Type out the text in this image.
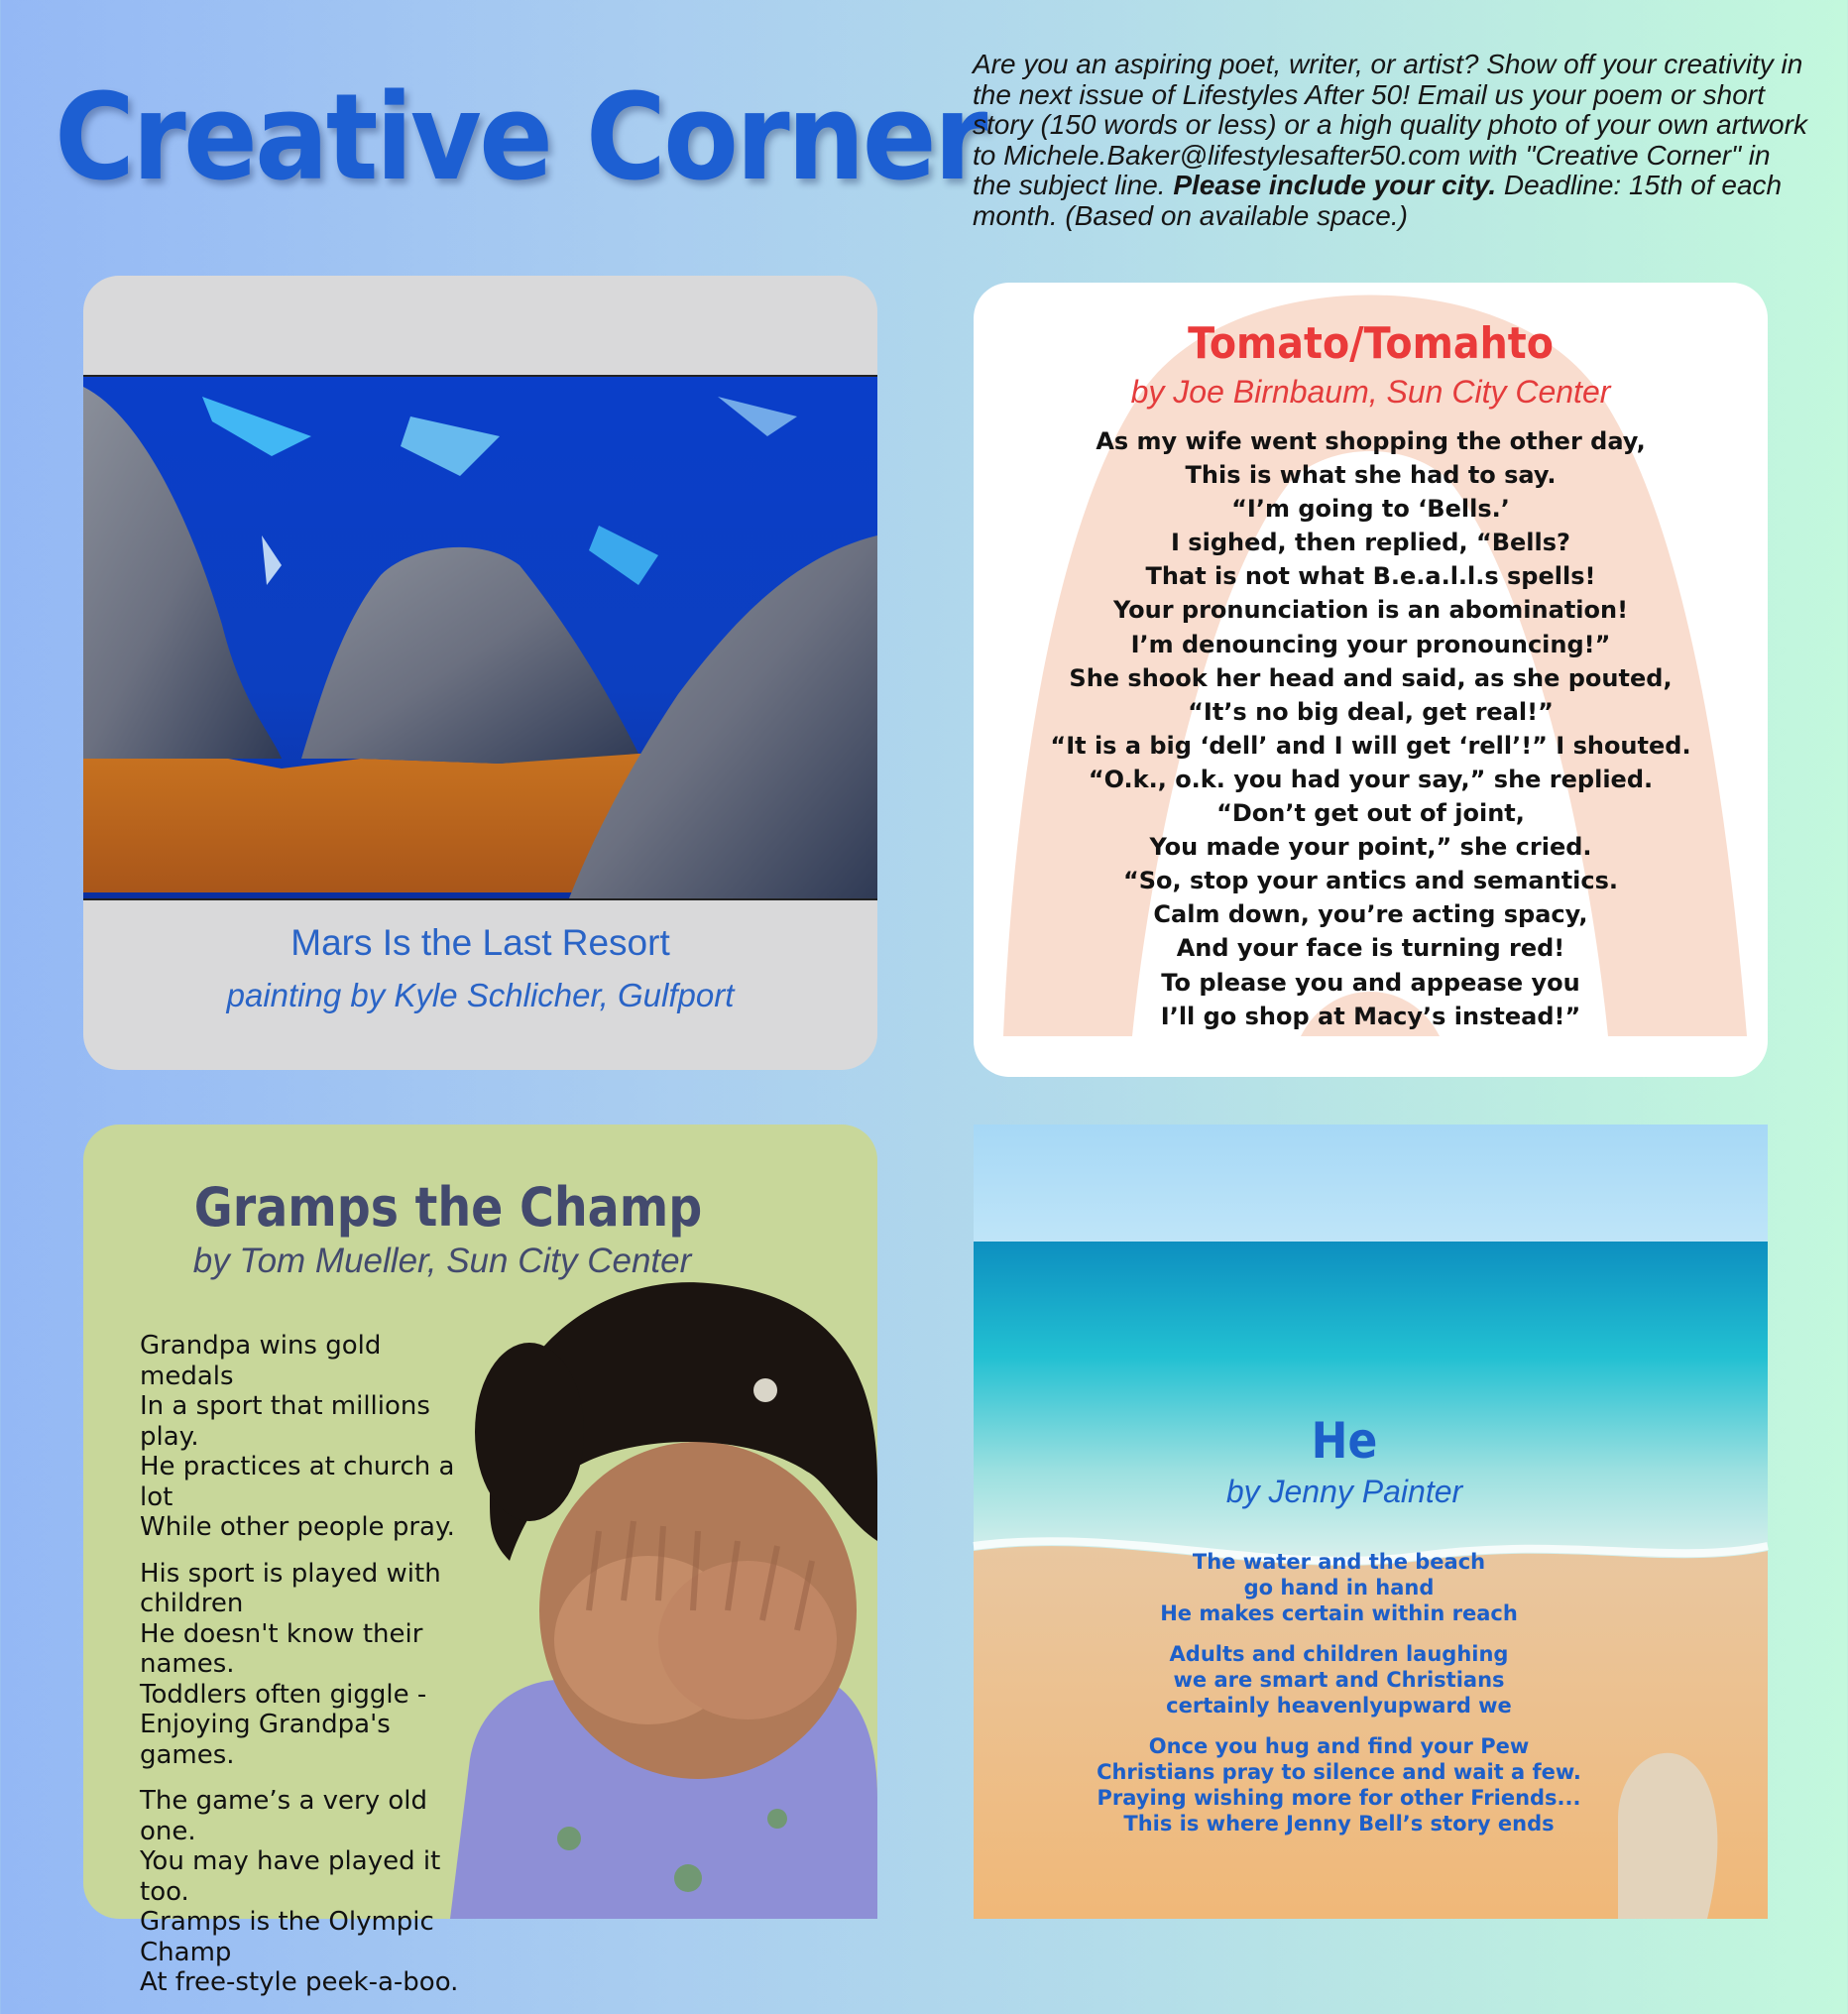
Creative Corner
Are you an aspiring poet, writer, or artist? Show off your creativity in the next issue of Lifestyles After 50! Email us your poem or short story (150 words or less) or a high quality photo of your own artwork to Michele.Baker@lifestylesafter50.com with "Creative Corner" in the subject line. Please include your city. Deadline: 15th of each month. (Based on available space.)
Mars Is the Last Resort
painting by Kyle Schlicher, Gulfport
Tomato/Tomahto
by Joe Birnbaum, Sun City Center
As my wife went shopping the other day,
This is what she had to say.
“I’m going to ‘Bells.’
I sighed, then replied, “Bells?
That is not what B.e.a.l.l.s spells!
Your pronunciation is an abomination!
I’m denouncing your pronouncing!”
She shook her head and said, as she pouted,
“It’s no big deal, get real!”
“It is a big ‘dell’ and I will get ‘rell’!” I shouted.
“O.k., o.k. you had your say,” she replied.
“Don’t get out of joint,
You made your point,” she cried.
“So, stop your antics and semantics.
Calm down, you’re acting spacy,
And your face is turning red!
To please you and appease you
I’ll go shop at Macy’s instead!”
Gramps the Champ
by Tom Mueller, Sun City Center
Grandpa wins gold medals
In a sport that millions play.
He practices at church a lot
While other people pray.
His sport is played with
children
He doesn't know their
names.
Toddlers often giggle -
Enjoying Grandpa's games.
The game’s a very old one.
You may have played it too.
Gramps is the Olympic
Champ
At free-style peek-a-boo.
He
by Jenny Painter
The water and the beach
go hand in hand
He makes certain within reach
Adults and children laughing
we are smart and Christians
certainly heavenlyupward we
Once you hug and find your Pew
Christians pray to silence and wait a few.
Praying wishing more for other Friends...
This is where Jenny Bell’s story ends
